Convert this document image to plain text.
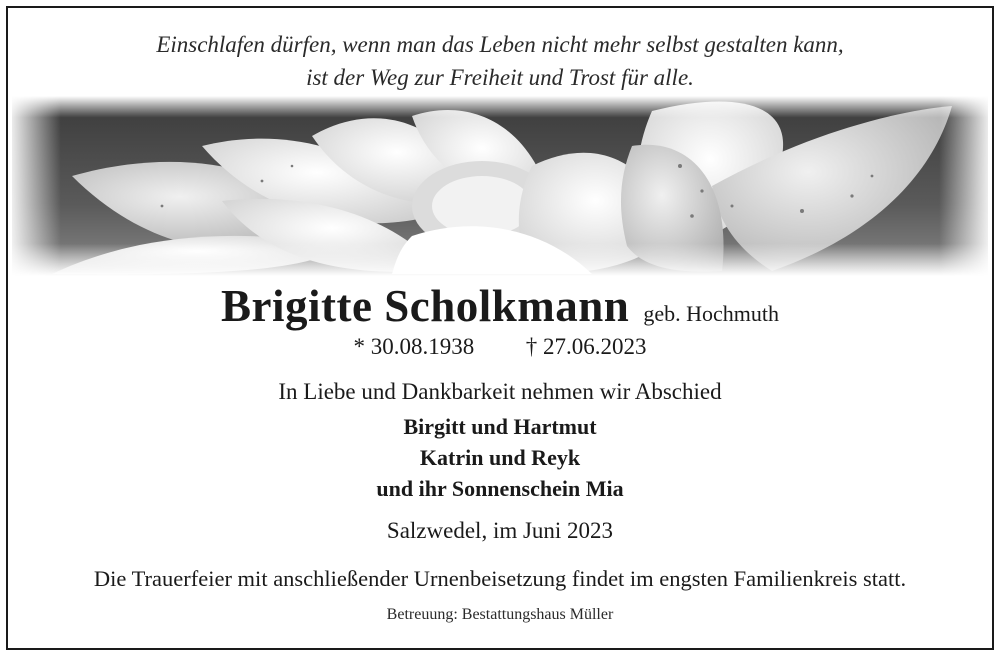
Einschlafen dürfen, wenn man das Leben nicht mehr selbst gestalten kann,
ist der Weg zur Freiheit und Trost für alle.
Brigitte Scholkmann geb. Hochmuth
* 30.08.1938 † 27.06.2023
In Liebe und Dankbarkeit nehmen wir Abschied
Birgitt und Hartmut
Katrin und Reyk
und ihr Sonnenschein Mia
Salzwedel, im Juni 2023
Die Trauerfeier mit anschließender Urnenbeisetzung findet im engsten Familienkreis statt.
Betreuung: Bestattungshaus Müller
